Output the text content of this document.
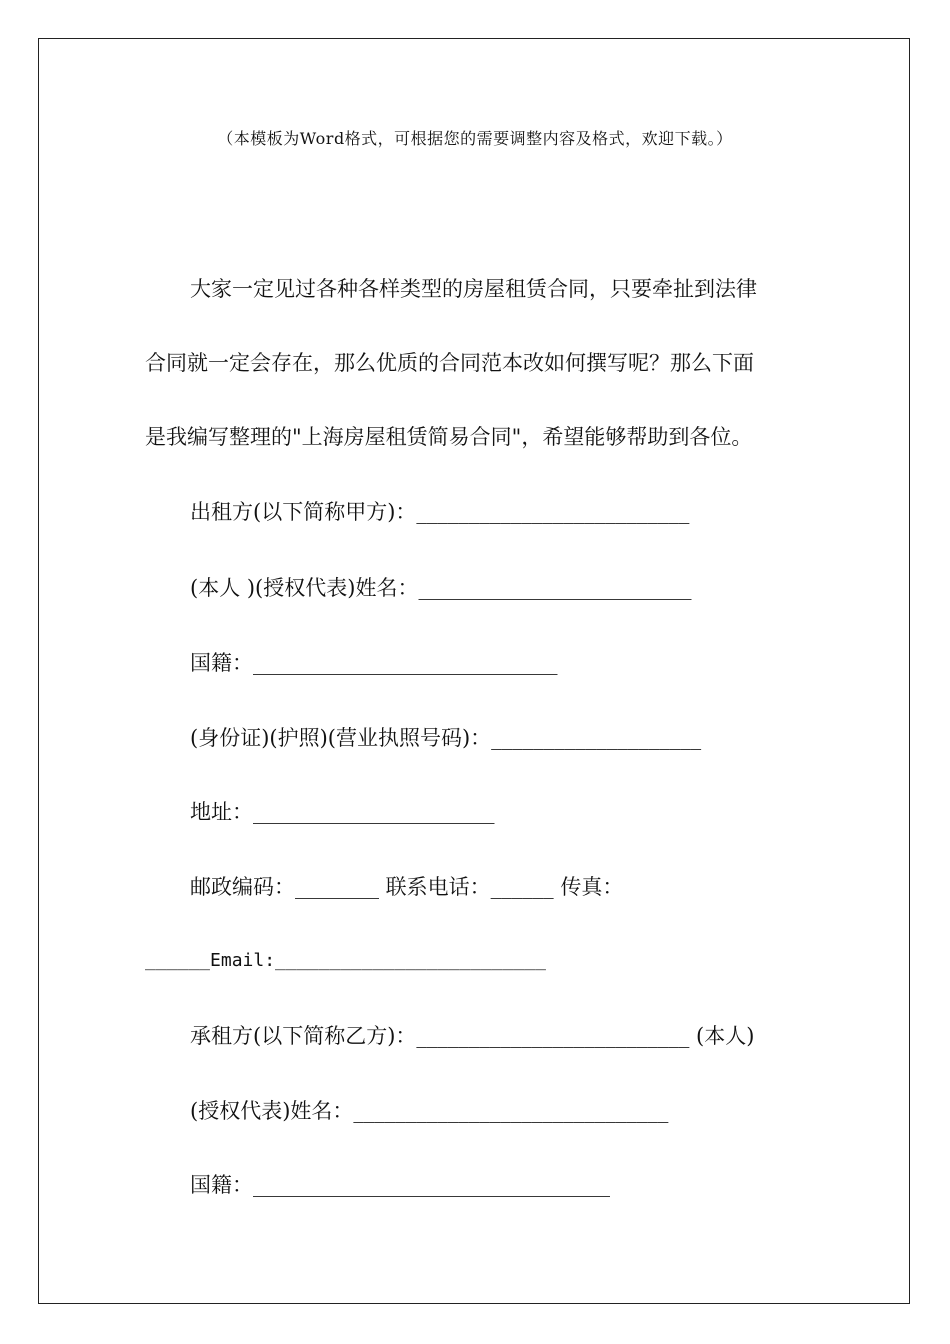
（本模板为Word格式，可根据您的需要调整内容及格式，欢迎下载。）
大家一定见过各种各样类型的房屋租赁合同，只要牵扯到法律
合同就一定会存在，那么优质的合同范本改如何撰写呢？那么下面
是我编写整理的"上海房屋租赁简易合同"，希望能够帮助到各位。
出租方(以下简称甲方)：__________________________
(本人 )(授权代表)姓名：__________________________
国籍：_____________________________
(身份证)(护照)(营业执照号码)：____________________
地址：_______________________
邮政编码：________ 联系电话：______ 传真：
______Email:_________________________
承租方(以下简称乙方)：__________________________ (本人)
(授权代表)姓名：______________________________
国籍：__________________________________
